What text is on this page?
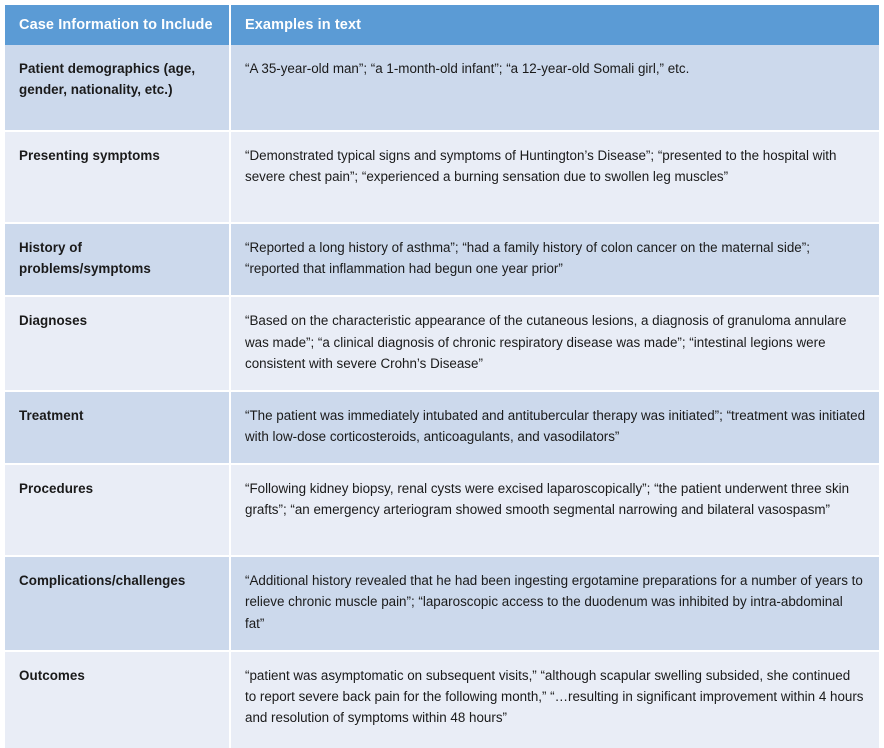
Case Information to Include	Examples in text
Patient demographics (age, gender, nationality, etc.)	“A 35-year-old man”; “a 1-month-old infant”; “a 12-year-old Somali girl,” etc.
Presenting symptoms	“Demonstrated typical signs and symptoms of Huntington’s Disease”; “presented to the hospital with severe chest pain”; “experienced a burning sensation due to swollen leg muscles”
History of problems/symptoms	“Reported a long history of asthma”; “had a family history of colon cancer on the maternal side”; “reported that inflammation had begun one year prior”
Diagnoses	“Based on the characteristic appearance of the cutaneous lesions, a diagnosis of granuloma annulare was made”; “a clinical diagnosis of chronic respiratory disease was made”; “intestinal legions were consistent with severe Crohn’s Disease”
Treatment	“The patient was immediately intubated and antitubercular therapy was initiated”; “treatment was initiated with low-dose corticosteroids, anticoagulants, and vasodilators”
Procedures	“Following kidney biopsy, renal cysts were excised laparoscopically”; “the patient underwent three skin grafts”; “an emergency arteriogram showed smooth segmental narrowing and bilateral vasospasm”
Complications/challenges	“Additional history revealed that he had been ingesting ergotamine preparations for a number of years to relieve chronic muscle pain”; “laparoscopic access to the duodenum was inhibited by intra-abdominal fat”
Outcomes	“patient was asymptomatic on subsequent visits,” “although scapular swelling subsided, she continued to report severe back pain for the following month,” “…resulting in significant improvement within 4 hours and resolution of symptoms within 48 hours”
